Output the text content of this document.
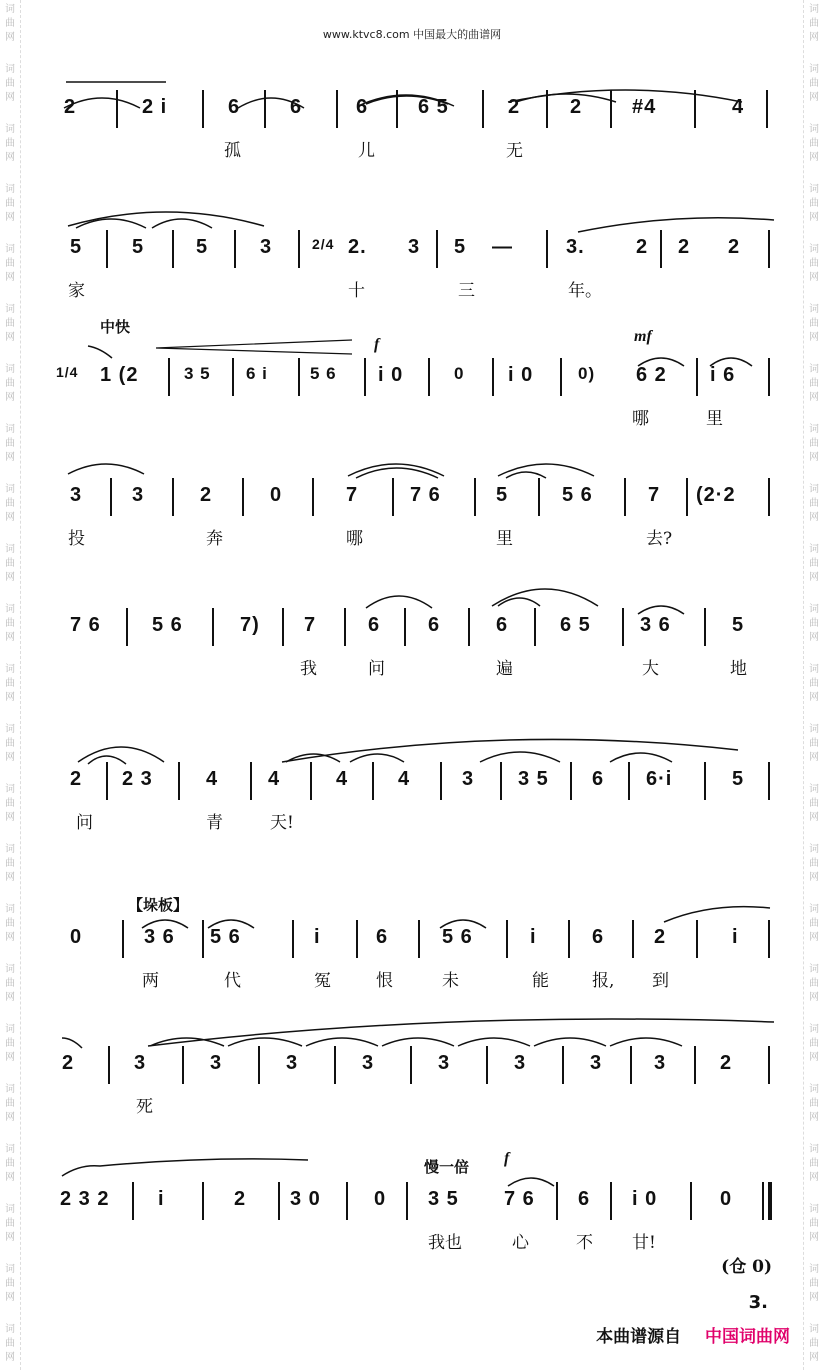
词
曲
网
词
曲
网
词
曲
网
词
曲
网
词
曲
网
词
曲
网
词
曲
网
词
曲
网
词
曲
网
词
曲
网
词
曲
网
词
曲
网
词
曲
网
词
曲
网
词
曲
网
词
曲
网
词
曲
网
词
曲
网
词
曲
网
词
曲
网
词
曲
网
词
曲
网
词
曲
网
词
曲
网
词
曲
网
词
曲
网
词
曲
网
词
曲
网
词
曲
网
词
曲
网
词
曲
网
词
曲
网
词
曲
网
词
曲
网
词
曲
网
词
曲
网
词
曲
网
词
曲
网
词
曲
网
词
曲
网
词
曲
网
词
曲
网
词
曲
网
词
曲
网
词
曲
网
词
曲
网
www.ktvc8.com 中国最大的曲谱网
2	2 i	6 6	6 6 5	2 2 #4	4
孤	儿	无
5 5	5	3	2/4 2. 3 5 —	3.	2 2 2
家	十	三	年。
中快
f	mf
1/4 1 (2	3 5 6 i 5 6 i 0	0 i 0	0) 6 2 i 6
哪	里
3 3	2	0	7	7 6	5	5 6	7 (2·2
投	奔	哪	里	去?
7 6	5 6	7) 7	6 6	6	6 5 3 6	5
我	问	遍	大	地
2 2 3	4 4	4 4	3 3 5 6 6·i	5
问	青	天!
【垛板】
0	3 6 5 6	i	6	5 6	i	6 2	i
两	代	冤	恨	未	能	报, 到
2	3	3	3	3	3	3	3	3	2
死
慢一倍 f
2 3 2 i	2 3 0	0 3 5 7 6 6 i 0	0
我也	心	不 甘!
(仓 0)
3.
本曲谱源自 中国词曲网
